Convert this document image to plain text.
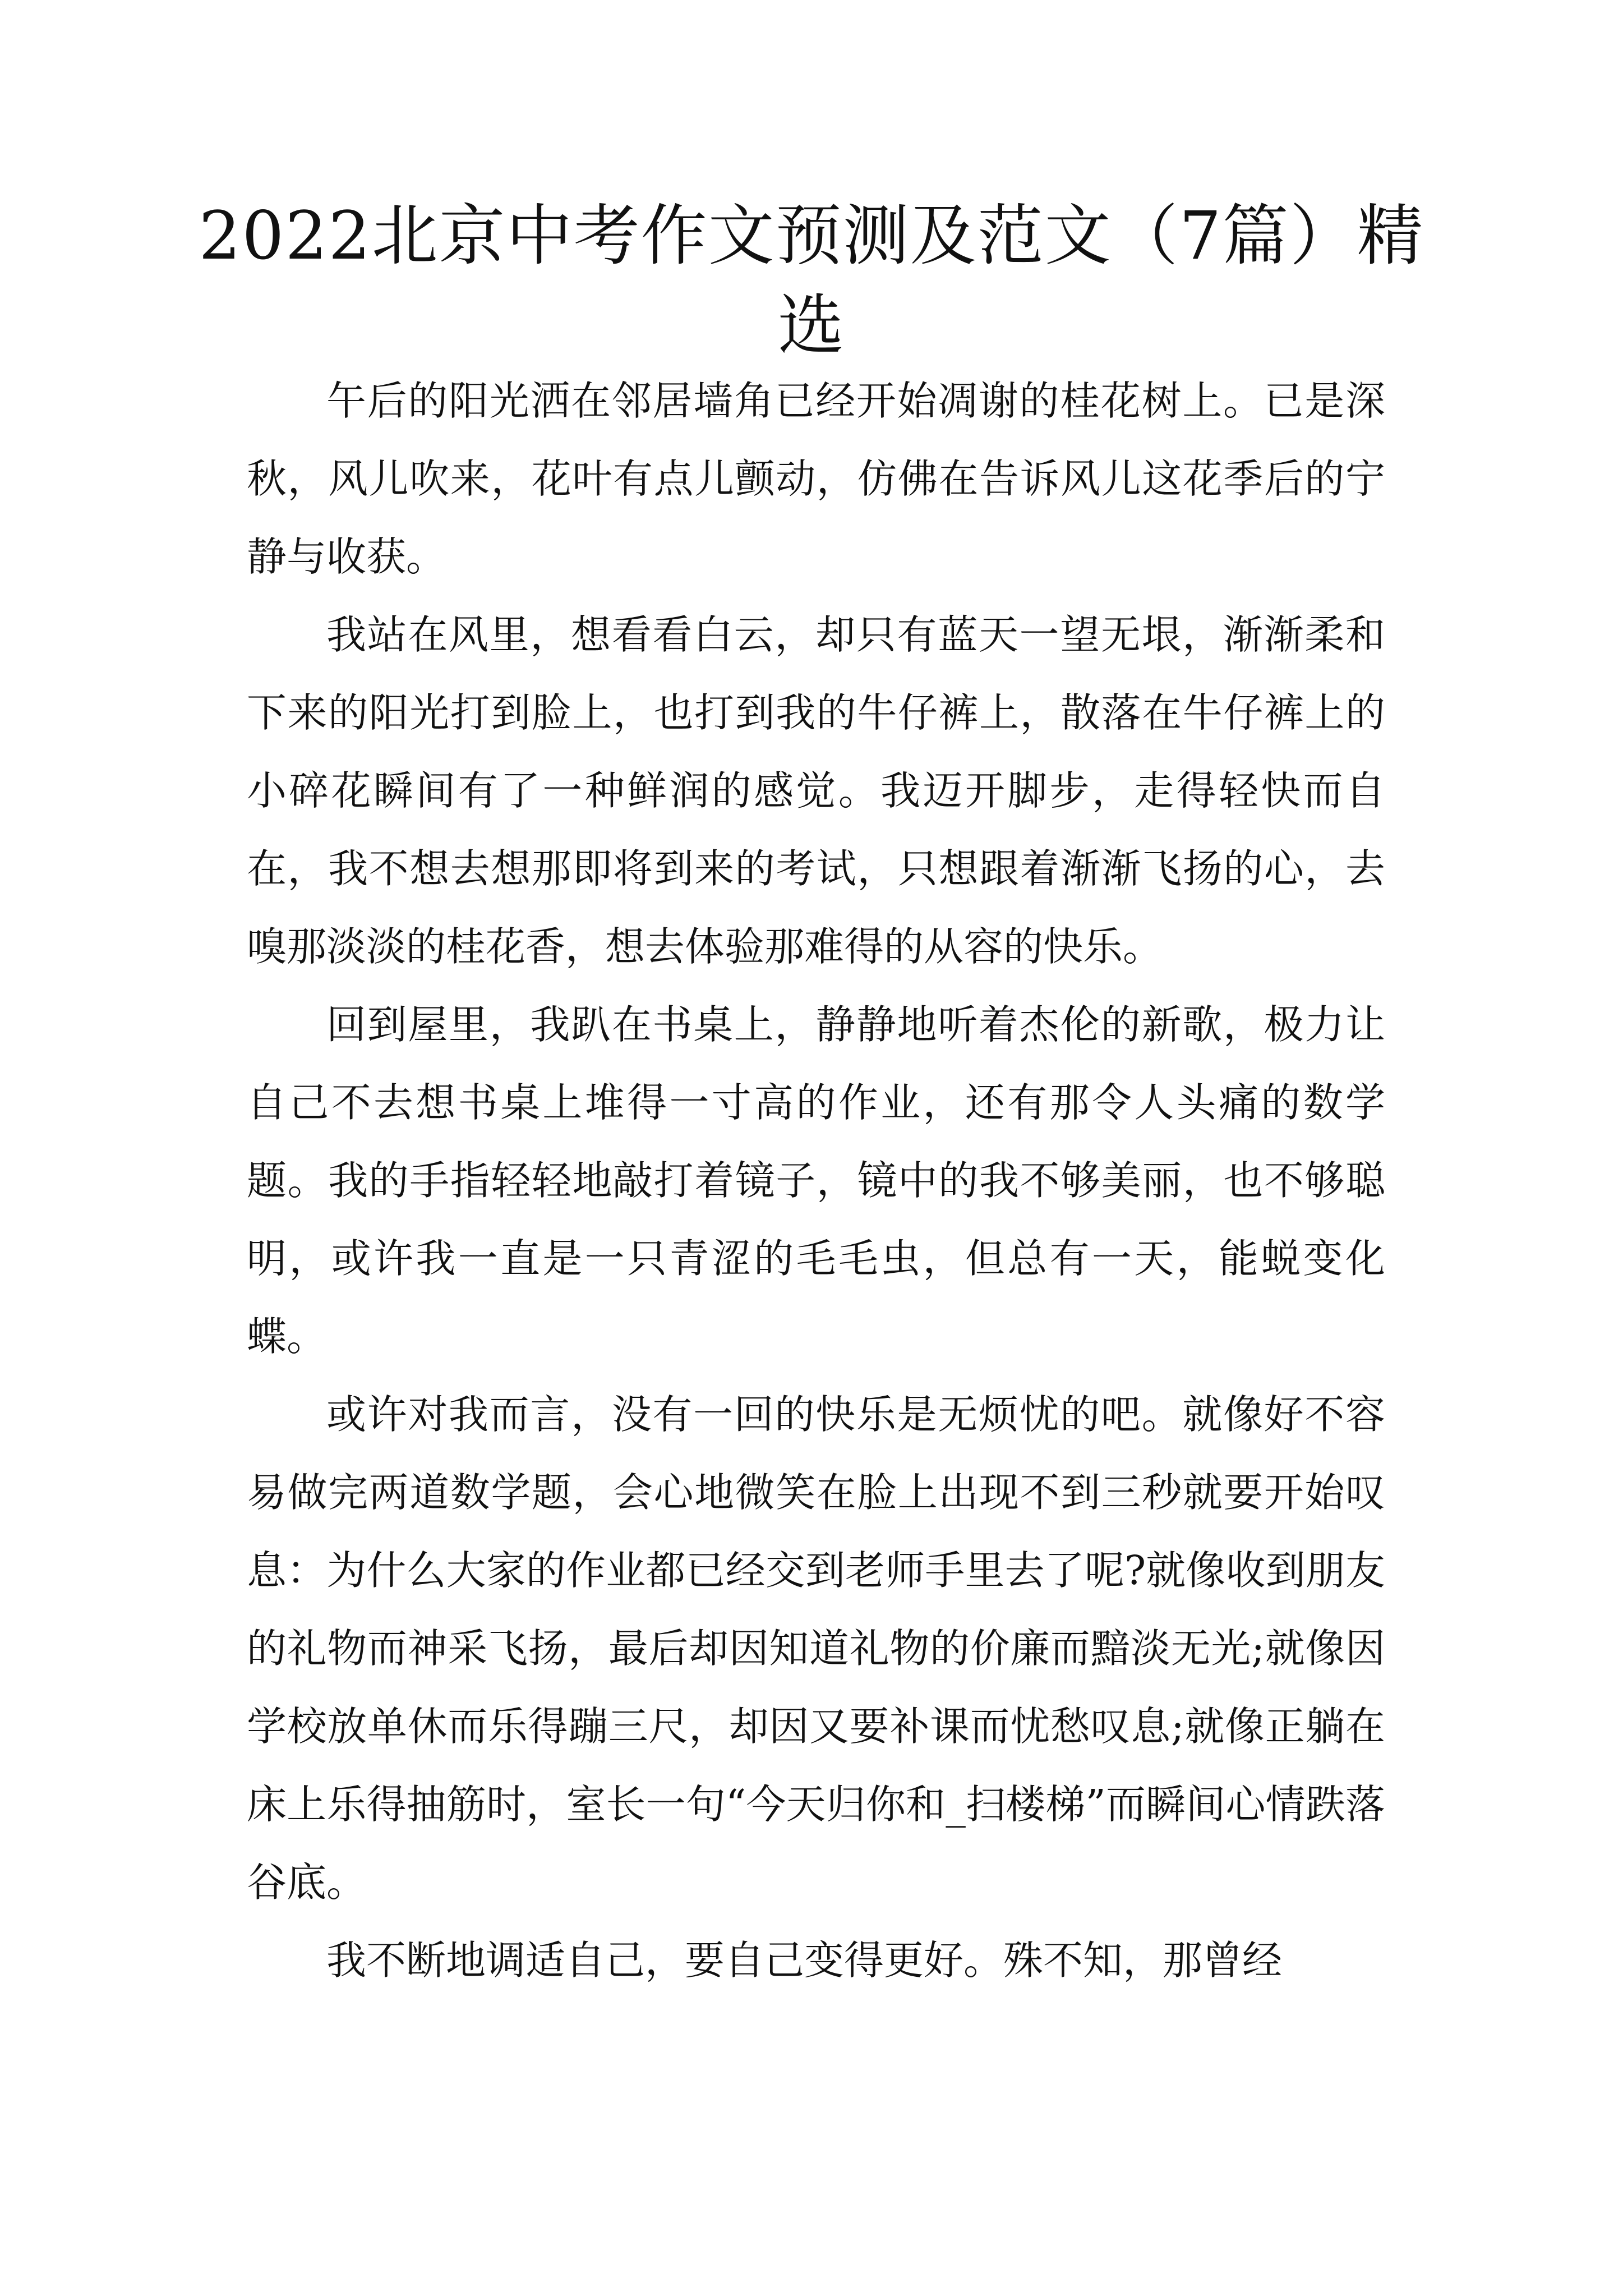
2022北京中考作文预测及范文（7篇）精选

午后的阳光洒在邻居墙角已经开始凋谢的桂花树上。已是深秋，风儿吹来，花叶有点儿颤动，仿佛在告诉风儿这花季后的宁静与收获。

我站在风里，想看看白云，却只有蓝天一望无垠，渐渐柔和下来的阳光打到脸上，也打到我的牛仔裤上，散落在牛仔裤上的小碎花瞬间有了一种鲜润的感觉。我迈开脚步，走得轻快而自在，我不想去想那即将到来的考试，只想跟着渐渐飞扬的心，去嗅那淡淡的桂花香，想去体验那难得的从容的快乐。

回到屋里，我趴在书桌上，静静地听着杰伦的新歌，极力让自己不去想书桌上堆得一寸高的作业，还有那令人头痛的数学题。我的手指轻轻地敲打着镜子，镜中的我不够美丽，也不够聪明，或许我一直是一只青涩的毛毛虫，但总有一天，能蜕变化蝶。

或许对我而言，没有一回的快乐是无烦忧的吧。就像好不容易做完两道数学题，会心地微笑在脸上出现不到三秒就要开始叹息：为什么大家的作业都已经交到老师手里去了呢?就像收到朋友的礼物而神采飞扬，最后却因知道礼物的价廉而黯淡无光;就像因学校放单休而乐得蹦三尺，却因又要补课而忧愁叹息;就像正躺在床上乐得抽筋时，室长一句“今天归你和_扫楼梯”而瞬间心情跌落谷底。

我不断地调适自己，要自己变得更好。殊不知，那曾经
